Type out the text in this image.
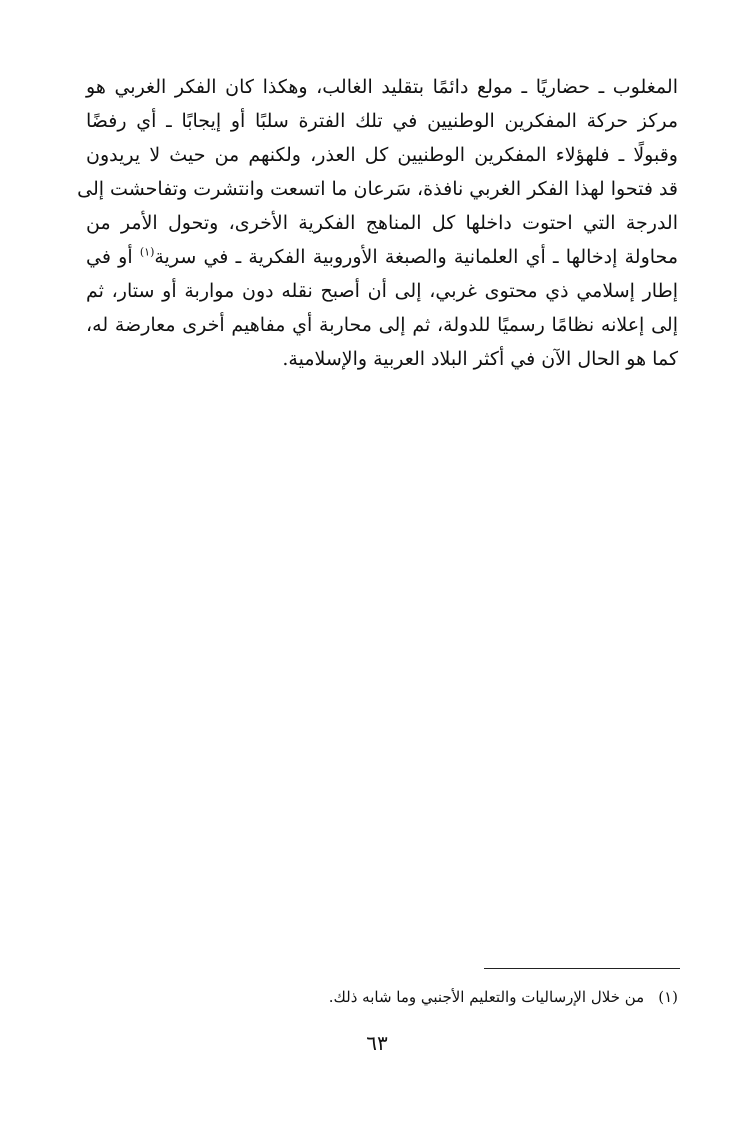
المغلوب ـ حضاريًا ـ مولع دائمًا بتقليد الغالب، وهكذا كان الفكر الغربي هو
مركز حركة المفكرين الوطنيين في تلك الفترة سلبًا أو إيجابًا ـ أي رفضًا
وقبولًا ـ فلهؤلاء المفكرين الوطنيين كل العذر، ولكنهم من حيث لا يريدون
قد فتحوا لهذا الفكر الغربي نافذة، سَرعان ما اتسعت وانتشرت وتفاحشت إلى
الدرجة التي احتوت داخلها كل المناهج الفكرية الأخرى، وتحول الأمر من
محاولة إدخالها ـ أي العلمانية والصبغة الأوروبية الفكرية ـ في سرية$^{(١)}$ أو في
إطار إسلامي ذي محتوى غربي، إلى أن أصبح نقله دون مواربة أو ستار، ثم
إلى إعلانه نظامًا رسميًا للدولة، ثم إلى محاربة أي مفاهيم أخرى معارضة له،
كما هو الحال الآن في أكثر البلاد العربية والإسلامية.
(١)من خلال الإرساليات والتعليم الأجنبي وما شابه ذلك.
٦٣
